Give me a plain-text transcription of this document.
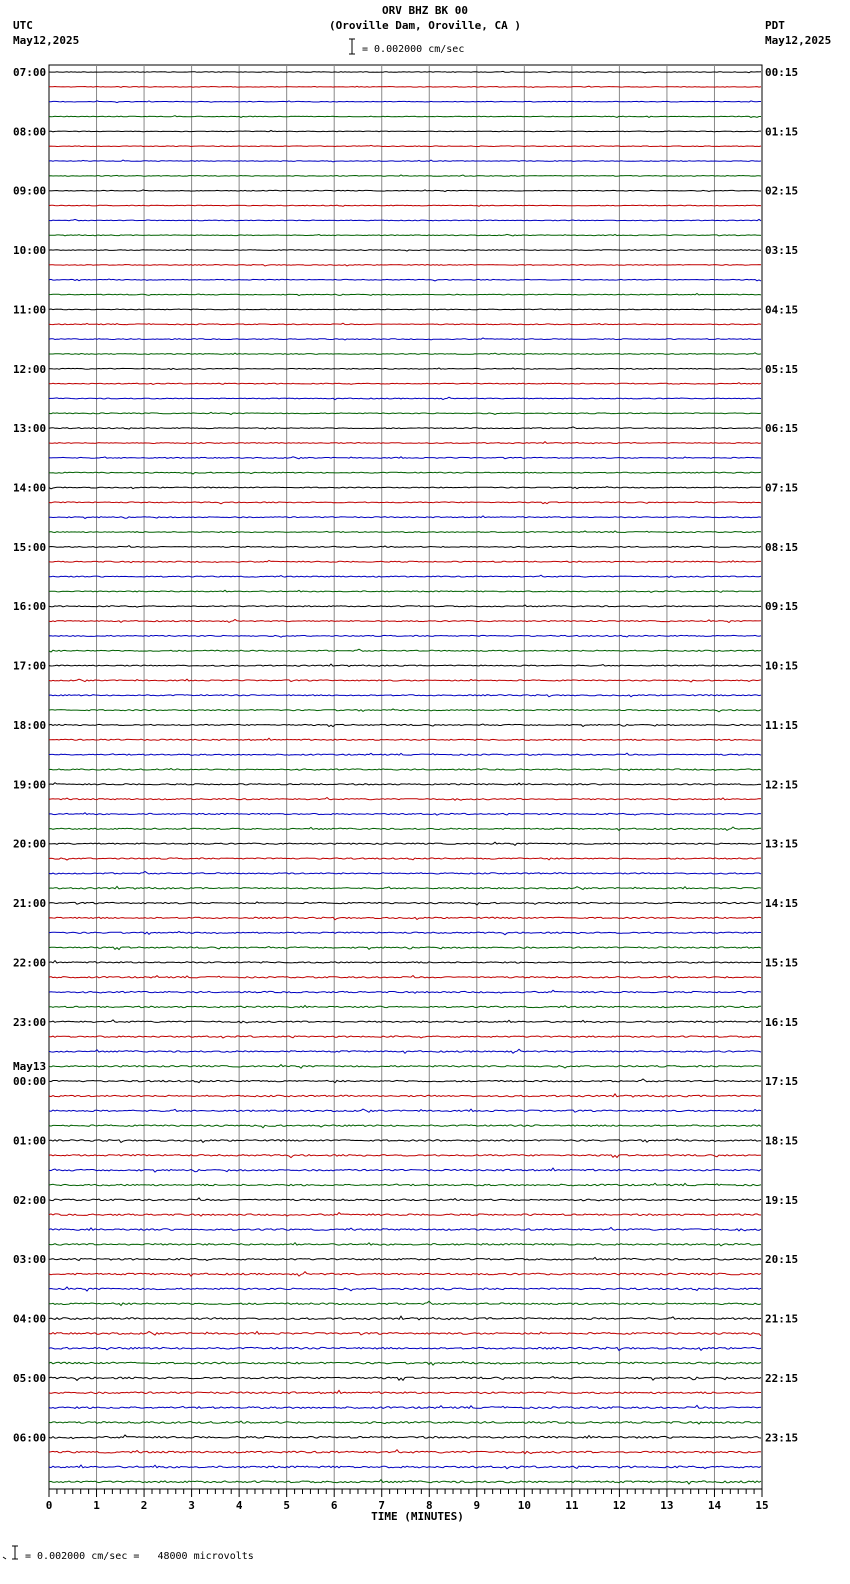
ORV BHZ BK 00
(Oroville Dam, Oroville, CA )
UTC
May12,2025
PDT
May12,2025
= 0.002000 cm/sec
07:00
08:00
09:00
10:00
11:00
12:00
13:00
14:00
15:00
16:00
17:00
18:00
19:00
20:00
21:00
22:00
23:00
May13
00:00
01:00
02:00
03:00
04:00
05:00
06:00
00:15
01:15
02:15
03:15
04:15
05:15
06:15
07:15
08:15
09:15
10:15
11:15
12:15
13:15
14:15
15:15
16:15
17:15
18:15
19:15
20:15
21:15
22:15
23:15
0	1	2	3	4	5	6	7	8	9	10	11	12	13	14	15
TIME (MINUTES)
= 0.002000 cm/sec =   48000 microvolts
